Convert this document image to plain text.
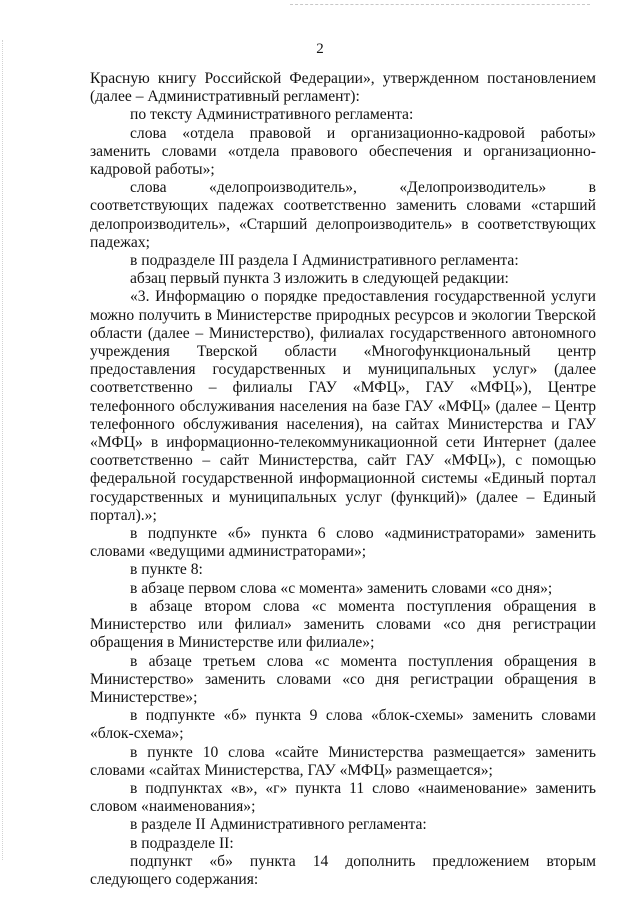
2

Красную книгу Российской Федерации», утвержденном постановлением (далее – Административный регламент):

по тексту Административного регламента:

слова «отдела правовой и организационно-кадровой работы» заменить словами «отдела правового обеспечения и организационно-кадровой работы»;

слова «делопроизводитель», «Делопроизводитель» в соответствующих падежах соответственно заменить словами «старший делопроизводитель», «Старший делопроизводитель» в соответствующих падежах;

в подразделе III раздела I Административного регламента:

абзац первый пункта 3 изложить в следующей редакции:

«3. Информацию о порядке предоставления государственной услуги можно получить в Министерстве природных ресурсов и экологии Тверской области (далее – Министерство), филиалах государственного автономного учреждения Тверской области «Многофункциональный центр предоставления государственных и муниципальных услуг» (далее соответственно – филиалы ГАУ «МФЦ», ГАУ «МФЦ»), Центре телефонного обслуживания населения на базе ГАУ «МФЦ» (далее – Центр телефонного обслуживания населения), на сайтах Министерства и ГАУ «МФЦ» в информационно-телекоммуникационной сети Интернет (далее соответственно – сайт Министерства, сайт ГАУ «МФЦ»), с помощью федеральной государственной информационной системы «Единый портал государственных и муниципальных услуг (функций)» (далее – Единый портал).»;

в подпункте «б» пункта 6 слово «администраторами» заменить словами «ведущими администраторами»;

в пункте 8:

в абзаце первом слова «с момента» заменить словами «со дня»;

в абзаце втором слова «с момента поступления обращения в Министерство или филиал» заменить словами «со дня регистрации обращения в Министерстве или филиале»;

в абзаце третьем слова «с момента поступления обращения в Министерство» заменить словами «со дня регистрации обращения в Министерстве»;

в подпункте «б» пункта 9 слова «блок-схемы» заменить словами «блок-схема»;

в пункте 10 слова «сайте Министерства размещается» заменить словами «сайтах Министерства, ГАУ «МФЦ» размещается»;

в подпунктах «в», «г» пункта 11 слово «наименование» заменить словом «наименования»;

в разделе II Административного регламента:

в подразделе II:

подпункт «б» пункта 14 дополнить предложением вторым следующего содержания:
